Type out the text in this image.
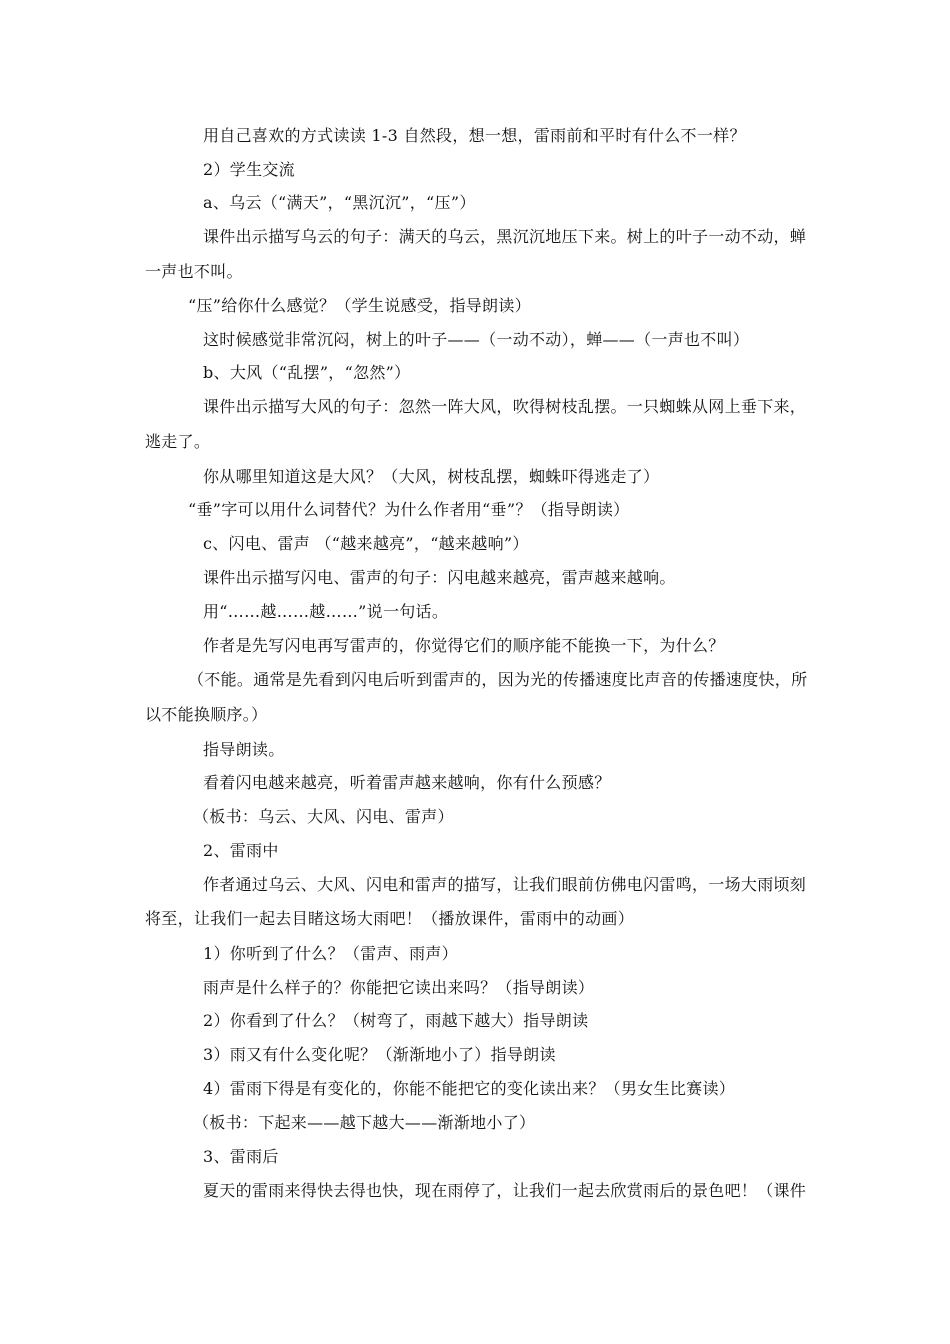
用自己喜欢的方式读读 1-3 自然段，想一想，雷雨前和平时有什么不一样？
2）学生交流
a、乌云（“满天”，“黑沉沉”，“压”）
课件出示描写乌云的句子：满天的乌云，黑沉沉地压下来。树上的叶子一动不动，蝉
一声也不叫。
“压”给你什么感觉？（学生说感受，指导朗读）
这时候感觉非常沉闷，树上的叶子——（一动不动），蝉——（一声也不叫）
b、大风（“乱摆”，“忽然”）
课件出示描写大风的句子：忽然一阵大风，吹得树枝乱摆。一只蜘蛛从网上垂下来，
逃走了。
你从哪里知道这是大风？（大风，树枝乱摆，蜘蛛吓得逃走了）
“垂”字可以用什么词替代？为什么作者用“垂”？（指导朗读）
c、闪电、雷声 （“越来越亮”，“越来越响”）
课件出示描写闪电、雷声的句子：闪电越来越亮，雷声越来越响。
用“……越……越……”说一句话。
作者是先写闪电再写雷声的，你觉得它们的顺序能不能换一下，为什么？
（不能。通常是先看到闪电后听到雷声的，因为光的传播速度比声音的传播速度快，所
以不能换顺序。）
指导朗读。
看着闪电越来越亮，听着雷声越来越响，你有什么预感？
（板书：乌云、大风、闪电、雷声）
2、雷雨中
作者通过乌云、大风、闪电和雷声的描写，让我们眼前仿佛电闪雷鸣，一场大雨顷刻
将至，让我们一起去目睹这场大雨吧！（播放课件，雷雨中的动画）
1）你听到了什么？（雷声、雨声）
雨声是什么样子的？你能把它读出来吗？（指导朗读）
2）你看到了什么？（树弯了，雨越下越大）指导朗读
3）雨又有什么变化呢？（渐渐地小了）指导朗读
4）雷雨下得是有变化的，你能不能把它的变化读出来？（男女生比赛读）
（板书：下起来——越下越大——渐渐地小了）
3、雷雨后
夏天的雷雨来得快去得也快，现在雨停了，让我们一起去欣赏雨后的景色吧！（课件
